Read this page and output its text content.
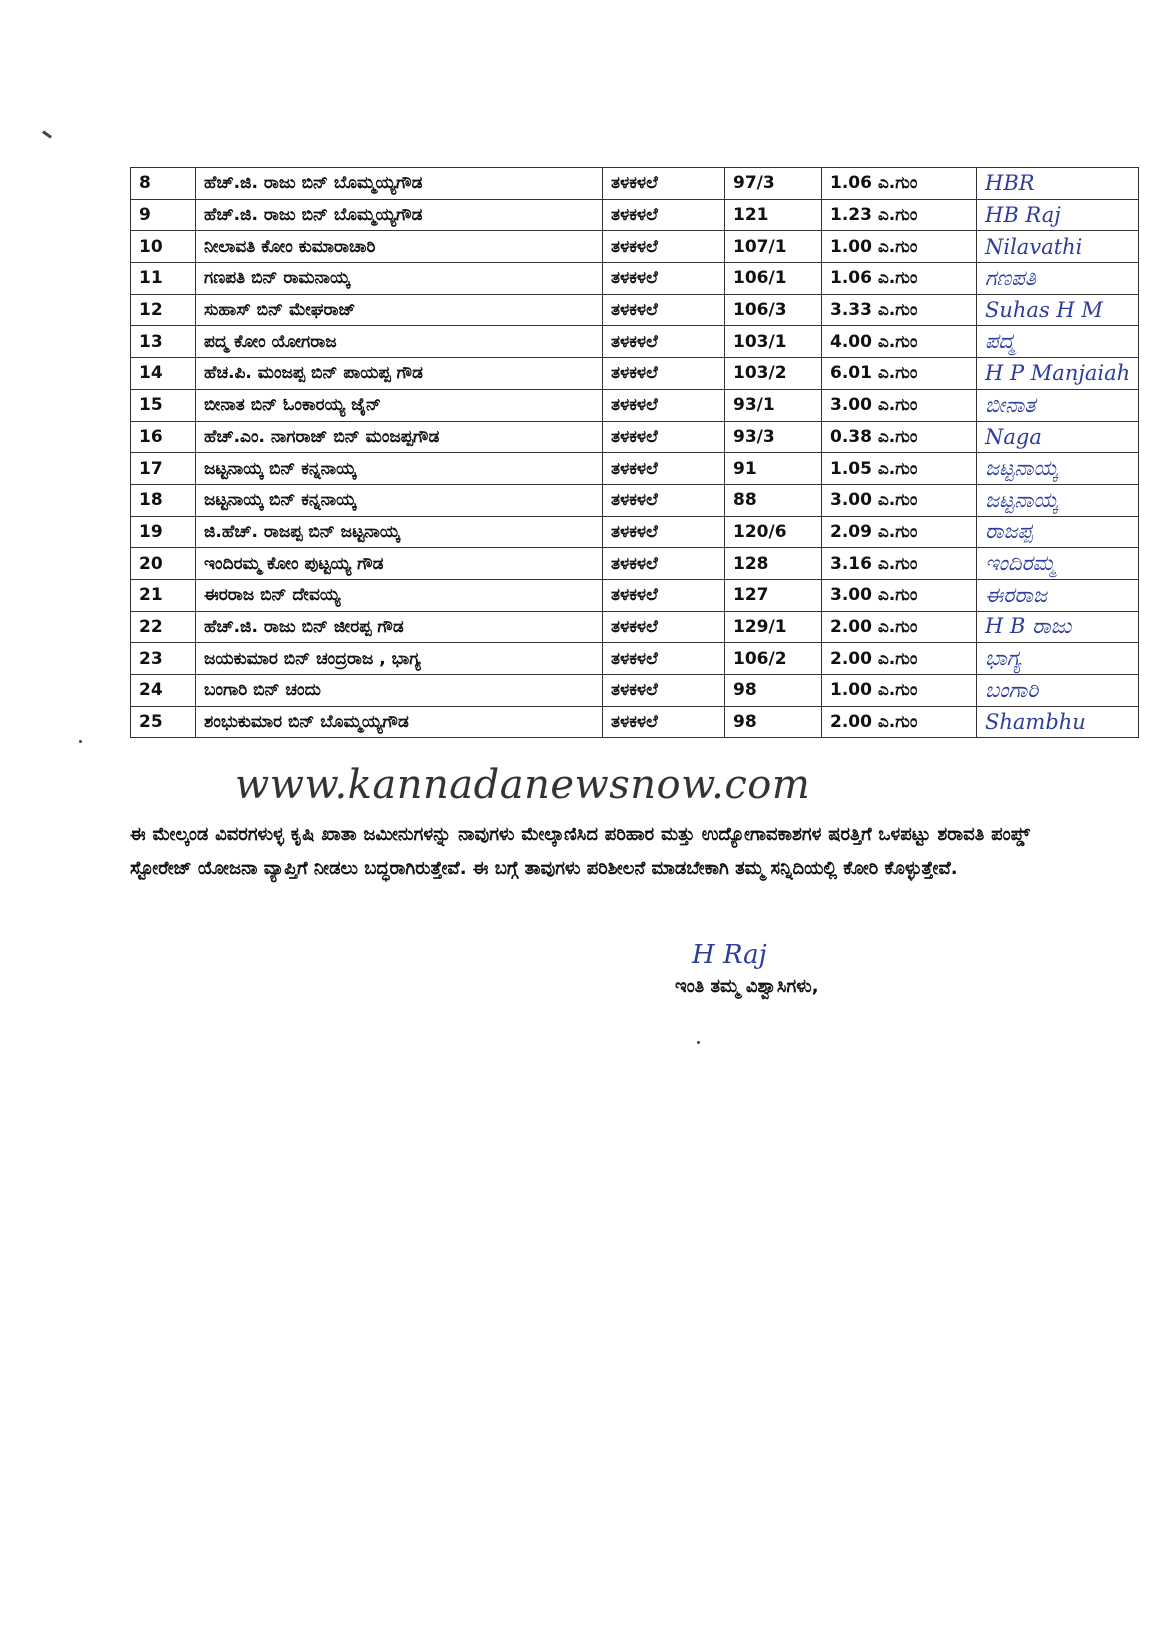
8	ಹೆಚ್.ಜಿ. ರಾಜು ಬಿನ್ ಬೊಮ್ಮಯ್ಯಗೌಡ	ತಳಕಳಲೆ	97/3	1.06 ಎ.ಗುಂ	HBR
9	ಹೆಚ್.ಜಿ. ರಾಜು ಬಿನ್ ಬೊಮ್ಮಯ್ಯಗೌಡ	ತಳಕಳಲೆ	121	1.23 ಎ.ಗುಂ	HB Raj
10	ನೀಲಾವತಿ ಕೋಂ ಕುಮಾರಾಚಾರಿ	ತಳಕಳಲೆ	107/1	1.00 ಎ.ಗುಂ	Nilavathi
11	ಗಣಪತಿ ಬಿನ್ ರಾಮನಾಯ್ಕ	ತಳಕಳಲೆ	106/1	1.06 ಎ.ಗುಂ	ಗಣಪತಿ
12	ಸುಹಾಸ್ ಬಿನ್ ಮೇಘರಾಜ್	ತಳಕಳಲೆ	106/3	3.33 ಎ.ಗುಂ	Suhas H M
13	ಪದ್ಮ ಕೋಂ ಯೋಗರಾಜ	ತಳಕಳಲೆ	103/1	4.00 ಎ.ಗುಂ	ಪದ್ಮ
14	ಹೆಚ.ಪಿ. ಮಂಜಪ್ಪ ಬಿನ್ ಪಾಯಪ್ಪ ಗೌಡ	ತಳಕಳಲೆ	103/2	6.01 ಎ.ಗುಂ	H P Manjaiah
15	ಬೀನಾತ ಬಿನ್ ಓಂಕಾರಯ್ಯ ಜೈನ್	ತಳಕಳಲೆ	93/1	3.00 ಎ.ಗುಂ	ಬೀನಾತ
16	ಹೆಚ್.ಎಂ. ನಾಗರಾಜ್ ಬಿನ್ ಮಂಜಪ್ಪಗೌಡ	ತಳಕಳಲೆ	93/3	0.38 ಎ.ಗುಂ	Naga
17	ಜಟ್ಟನಾಯ್ಕ ಬಿನ್ ಕನ್ನನಾಯ್ಕ	ತಳಕಳಲೆ	91	1.05 ಎ.ಗುಂ	ಜಟ್ಟನಾಯ್ಕ
18	ಜಟ್ಟನಾಯ್ಕ ಬಿನ್ ಕನ್ನನಾಯ್ಕ	ತಳಕಳಲೆ	88	3.00 ಎ.ಗುಂ	ಜಟ್ಟನಾಯ್ಕ
19	ಜಿ.ಹೆಚ್. ರಾಜಪ್ಪ ಬಿನ್ ಜಟ್ಟನಾಯ್ಕ	ತಳಕಳಲೆ	120/6	2.09 ಎ.ಗುಂ	ರಾಜಪ್ಪ
20	ಇಂದಿರಮ್ಮ ಕೋಂ ಪುಟ್ಟಯ್ಯ ಗೌಡ	ತಳಕಳಲೆ	128	3.16 ಎ.ಗುಂ	ಇಂದಿರಮ್ಮ
21	ಈರರಾಜ ಬಿನ್ ದೇವಯ್ಯ	ತಳಕಳಲೆ	127	3.00 ಎ.ಗುಂ	ಈರರಾಜ
22	ಹೆಚ್.ಜಿ. ರಾಜು ಬಿನ್ ಜೀರಪ್ಪ ಗೌಡ	ತಳಕಳಲೆ	129/1	2.00 ಎ.ಗುಂ	H B ರಾಜು
23	ಜಯಕುಮಾರ ಬಿನ್ ಚಂದ್ರರಾಜ , ಭಾಗ್ಯ	ತಳಕಳಲೆ	106/2	2.00 ಎ.ಗುಂ	ಭಾಗ್ಯ
24	ಬಂಗಾರಿ ಬಿನ್ ಚಂದು	ತಳಕಳಲೆ	98	1.00 ಎ.ಗುಂ	ಬಂಗಾರಿ
25	ಶಂಭುಕುಮಾರ ಬಿನ್ ಬೊಮ್ಮಯ್ಯಗೌಡ	ತಳಕಳಲೆ	98	2.00 ಎ.ಗುಂ	Shambhu
www.kannadanewsnow.com
ಈ ಮೇಲ್ಕಂಡ ವಿವರಗಳುಳ್ಳ ಕೃಷಿ ಖಾತಾ ಜಮೀನುಗಳನ್ನು ನಾವುಗಳು ಮೇಲ್ಕಾಣಿಸಿದ ಪರಿಹಾರ ಮತ್ತು ಉದ್ಯೋಗಾವಕಾಶಗಳ ಷರತ್ತಿಗೆ ಒಳಪಟ್ಟು ಶರಾವತಿ ಪಂಪ್ಡ್ ಸ್ಟೋರೇಜ್ ಯೋಜನಾ ವ್ಯಾಪ್ತಿಗೆ ನೀಡಲು ಬದ್ಧರಾಗಿರುತ್ತೇವೆ. ಈ ಬಗ್ಗೆ ತಾವುಗಳು ಪರಿಶೀಲನೆ ಮಾಡಬೇಕಾಗಿ ತಮ್ಮ ಸನ್ನಿದಿಯಲ್ಲಿ ಕೋರಿ ಕೊಳ್ಳುತ್ತೇವೆ.
H Raj
ಇಂತಿ ತಮ್ಮ ವಿಶ್ವಾಸಿಗಳು,
